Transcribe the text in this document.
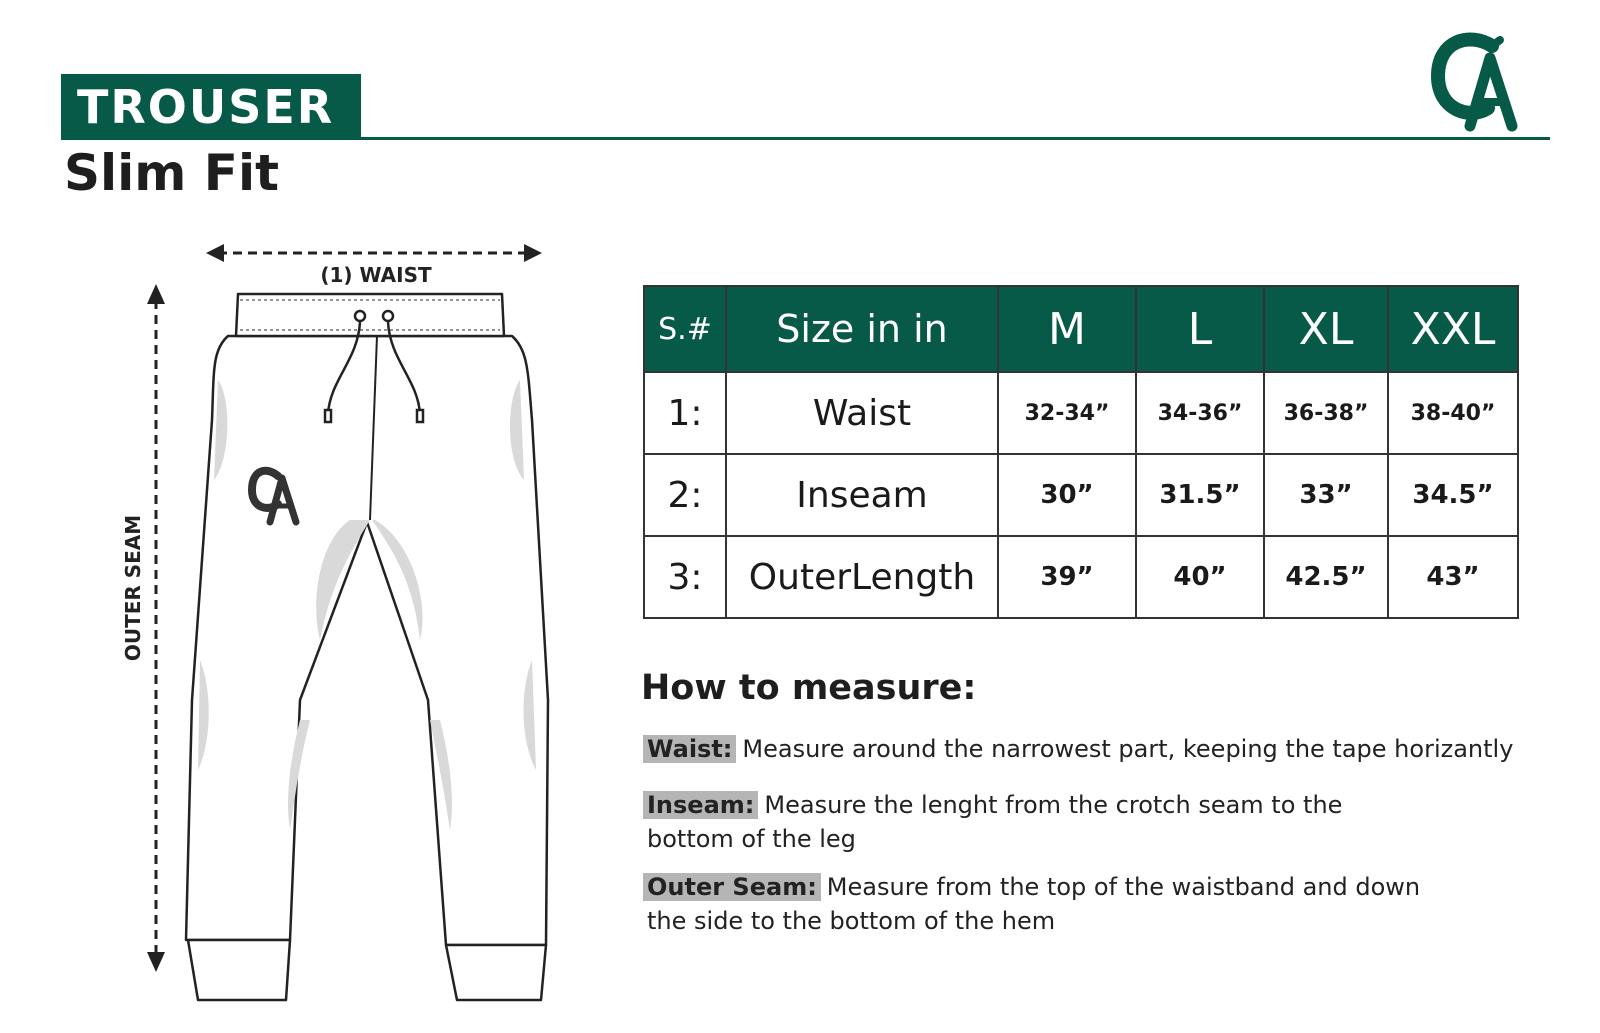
TROUSER
Slim Fit
(1) WAIST
OUTER SEAM
S.#	Size in in	M	L	XL	XXL
1:	Waist	32-34”	34-36”	36-38”	38-40”
2:	Inseam	30”	31.5”	33”	34.5”
3:	OuterLength	39”	40”	42.5”	43”
How to measure:
Waist: Measure around the narrowest part, keeping the tape horizantly
Inseam: Measure the lenght from the crotch seam to the
bottom of the leg
Outer Seam: Measure from the top of the waistband and down
the side to the bottom of the hem
